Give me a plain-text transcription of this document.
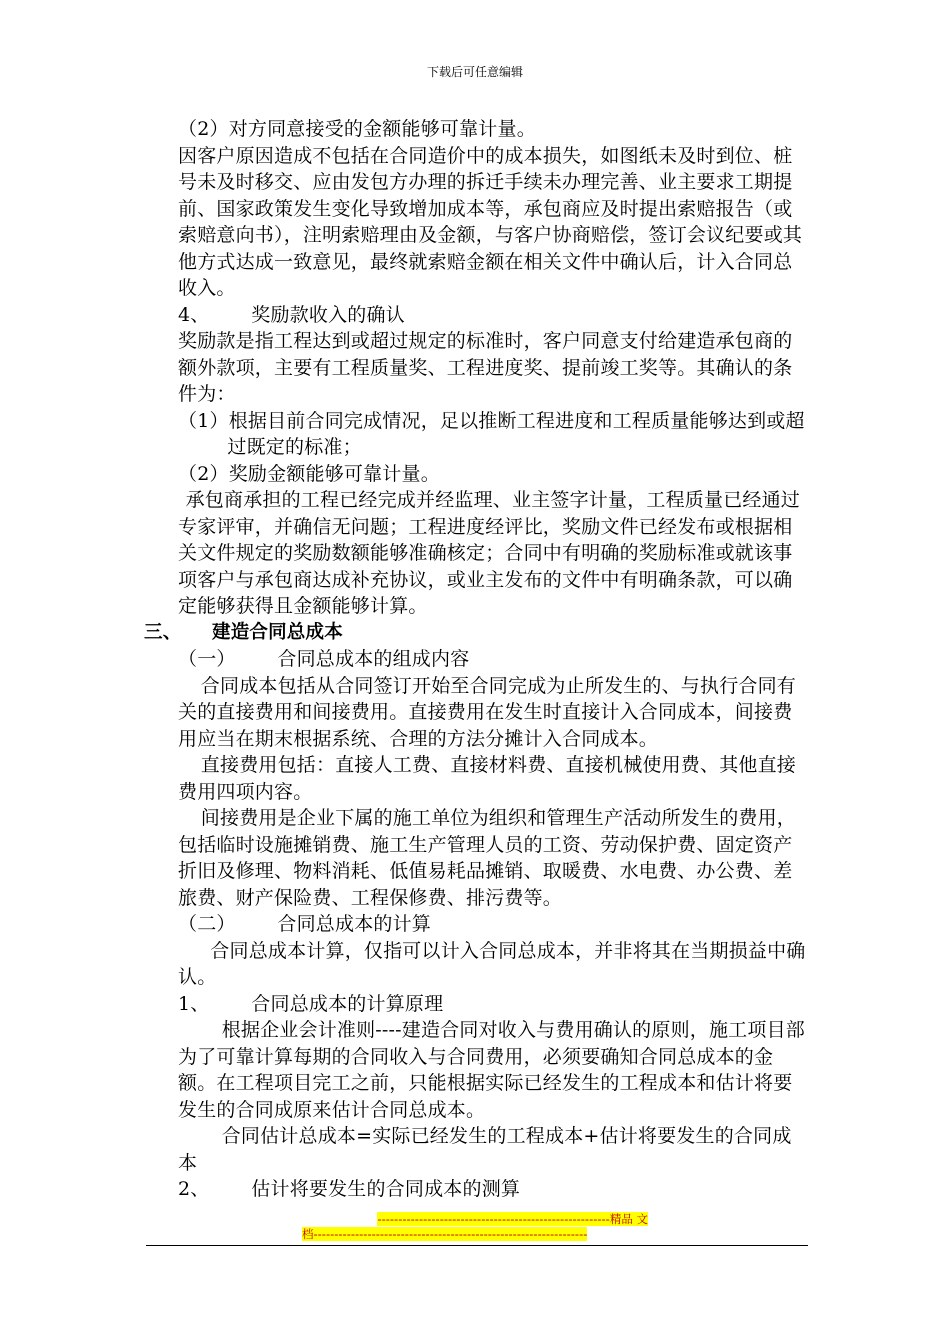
下载后可任意编辑

（2）对方同意接受的金额能够可靠计量。

因客户原因造成不包括在合同造价中的成本损失，如图纸未及时到位、桩号未及时移交、应由发包方办理的拆迁手续未办理完善、业主要求工期提前、国家政策发生变化导致增加成本等，承包商应及时提出索赔报告（或索赔意向书），注明索赔理由及金额，与客户协商赔偿，签订会议纪要或其他方式达成一致意见，最终就索赔金额在相关文件中确认后，计入合同总收入。

4、 奖励款收入的确认

奖励款是指工程达到或超过规定的标准时，客户同意支付给建造承包商的额外款项，主要有工程质量奖、工程进度奖、提前竣工奖等。其确认的条件为：

（1）根据目前合同完成情况，足以推断工程进度和工程质量能够达到或超过既定的标准；

（2）奖励金额能够可靠计量。

承包商承担的工程已经完成并经监理、业主签字计量，工程质量已经通过专家评审，并确信无问题；工程进度经评比，奖励文件已经发布或根据相关文件规定的奖励数额能够准确核定；合同中有明确的奖励标准或就该事项客户与承包商达成补充协议，或业主发布的文件中有明确条款，可以确定能够获得且金额能够计算。

三、 建造合同总成本

（一） 合同总成本的组成内容

合同成本包括从合同签订开始至合同完成为止所发生的、与执行合同有关的直接费用和间接费用。直接费用在发生时直接计入合同成本，间接费用应当在期末根据系统、合理的方法分摊计入合同成本。

直接费用包括：直接人工费、直接材料费、直接机械使用费、其他直接费用四项内容。

间接费用是企业下属的施工单位为组织和管理生产活动所发生的费用，包括临时设施摊销费、施工生产管理人员的工资、劳动保护费、固定资产折旧及修理、物料消耗、低值易耗品摊销、取暖费、水电费、办公费、差旅费、财产保险费、工程保修费、排污费等。

（二） 合同总成本的计算

合同总成本计算，仅指可以计入合同总成本，并非将其在当期损益中确认。

1、 合同总成本的计算原理

根据企业会计准则----建造合同对收入与费用确认的原则，施工项目部为了可靠计算每期的合同收入与合同费用，必须要确知合同总成本的金额。在工程项目完工之前，只能根据实际已经发生的工程成本和估计将要发生的合同成原来估计合同总成本。

合同估计总成本=实际已经发生的工程成本+估计将要发生的合同成本

2、 估计将要发生的合同成本的测算

--------------------------------------------------------精品 文
档------------------------------------------------------------------
